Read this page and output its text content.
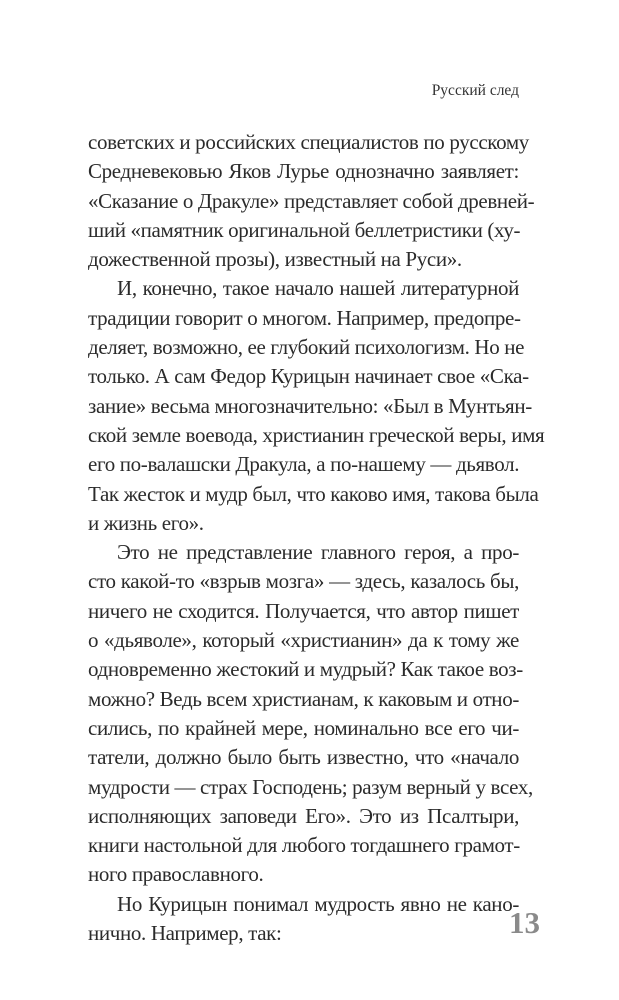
Русский след
советских и российских специалистов по русскому
Средневековью Яков Лурье однозначно заявляет:
«Сказание о Дракуле» представляет собой древней-
ший «памятник оригинальной беллетристики (ху-
дожественной прозы), известный на Руси».
И, конечно, такое начало нашей литературной
традиции говорит о многом. Например, предопре-
деляет, возможно, ее глубокий психологизм. Но не
только. А сам Федор Курицын начинает свое «Ска-
зание» весьма многозначительно: «Был в Мунтьян-
ской земле воевода, христианин греческой веры, имя
его по-валашски Дракула, а по-нашему — дьявол.
Так жесток и мудр был, что каково имя, такова была
и жизнь его».
Это не представление главного героя, а про-
сто какой-то «взрыв мозга» — здесь, казалось бы,
ничего не сходится. Получается, что автор пишет
о «дьяволе», который «христианин» да к тому же
одновременно жестокий и мудрый? Как такое воз-
можно? Ведь всем христианам, к каковым и отно-
сились, по крайней мере, номинально все его чи-
татели, должно было быть известно, что «начало
мудрости — страх Господень; разум верный у всех,
исполняющих заповеди Его». Это из Псалтыри,
книги настольной для любого тогдашнего грамот-
ного православного.
Но Курицын понимал мудрость явно не кано-
нично. Например, так:	13
